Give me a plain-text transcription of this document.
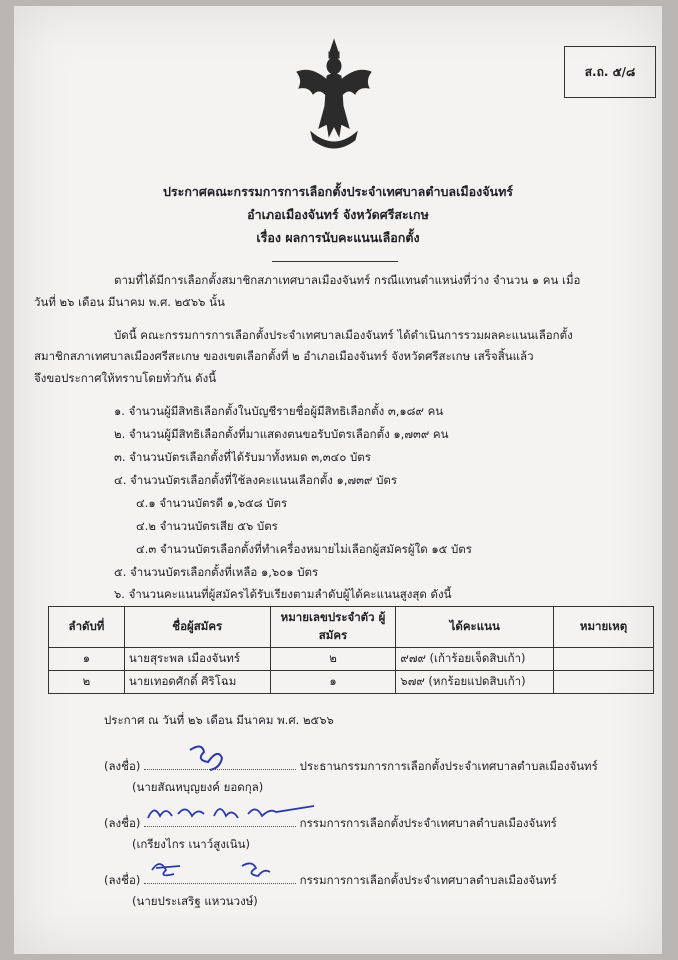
ส.ถ. ๕/๘
ประกาศคณะกรรมการการเลือกตั้งประจำเทศบาลตำบลเมืองจันทร์
อำเภอเมืองจันทร์ จังหวัดศรีสะเกษ
เรื่อง ผลการนับคะแนนเลือกตั้ง
ตามที่ได้มีการเลือกตั้งสมาชิกสภาเทศบาลเมืองจันทร์ กรณีแทนตำแหน่งที่ว่าง จำนวน ๑ คน เมื่อ
วันที่ ๒๖ เดือน มีนาคม พ.ศ. ๒๕๖๖ นั้น
บัดนี้ คณะกรรมการการเลือกตั้งประจำเทศบาลเมืองจันทร์ ได้ดำเนินการรวมผลคะแนนเลือกตั้ง
สมาชิกสภาเทศบาลเมืองศรีสะเกษ ของเขตเลือกตั้งที่ ๒ อำเภอเมืองจันทร์ จังหวัดศรีสะเกษ เสร็จสิ้นแล้ว
จึงขอประกาศให้ทราบโดยทั่วกัน ดังนี้
๑. จำนวนผู้มีสิทธิเลือกตั้งในบัญชีรายชื่อผู้มีสิทธิเลือกตั้ง ๓,๑๘๙ คน
๒. จำนวนผู้มีสิทธิเลือกตั้งที่มาแสดงตนขอรับบัตรเลือกตั้ง ๑,๗๓๙ คน
๓. จำนวนบัตรเลือกตั้งที่ได้รับมาทั้งหมด ๓,๓๔๐ บัตร
๔. จำนวนบัตรเลือกตั้งที่ใช้ลงคะแนนเลือกตั้ง ๑,๗๓๙ บัตร
๔.๑ จำนวนบัตรดี ๑,๖๕๘ บัตร
๔.๒ จำนวนบัตรเสีย ๕๖ บัตร
๔.๓ จำนวนบัตรเลือกตั้งที่ทำเครื่องหมายไม่เลือกผู้สมัครผู้ใด ๑๕ บัตร
๕. จำนวนบัตรเลือกตั้งที่เหลือ ๑,๖๐๑ บัตร
๖. จำนวนคะแนนที่ผู้สมัครได้รับเรียงตามลำดับผู้ได้คะแนนสูงสุด ดังนี้
ลำดับที่	ชื่อผู้สมัคร	หมายเลขประจำตัว ผู้สมัคร	ได้คะแนน	หมายเหตุ
๑	นายสุระพล เมืองจันทร์	๒	๙๗๙ (เก้าร้อยเจ็ดสิบเก้า)	
๒	นายเทอดศักดิ์ ศิริโฉม	๑	๖๗๙ (หกร้อยแปดสิบเก้า)	
ประกาศ ณ วันที่ ๒๖ เดือน มีนาคม พ.ศ. ๒๕๖๖
(ลงชื่อ)	ประธานกรรมการการเลือกตั้งประจำเทศบาลตำบลเมืองจันทร์
(นายสัณหบุญยงค์ ยอดกุล)
(ลงชื่อ)	กรรมการการเลือกตั้งประจำเทศบาลตำบลเมืองจันทร์
(เกรียงไกร เนาว์สูงเนิน)
(ลงชื่อ)	กรรมการการเลือกตั้งประจำเทศบาลตำบลเมืองจันทร์
(นายประเสริฐ แหวนวงษ์)
